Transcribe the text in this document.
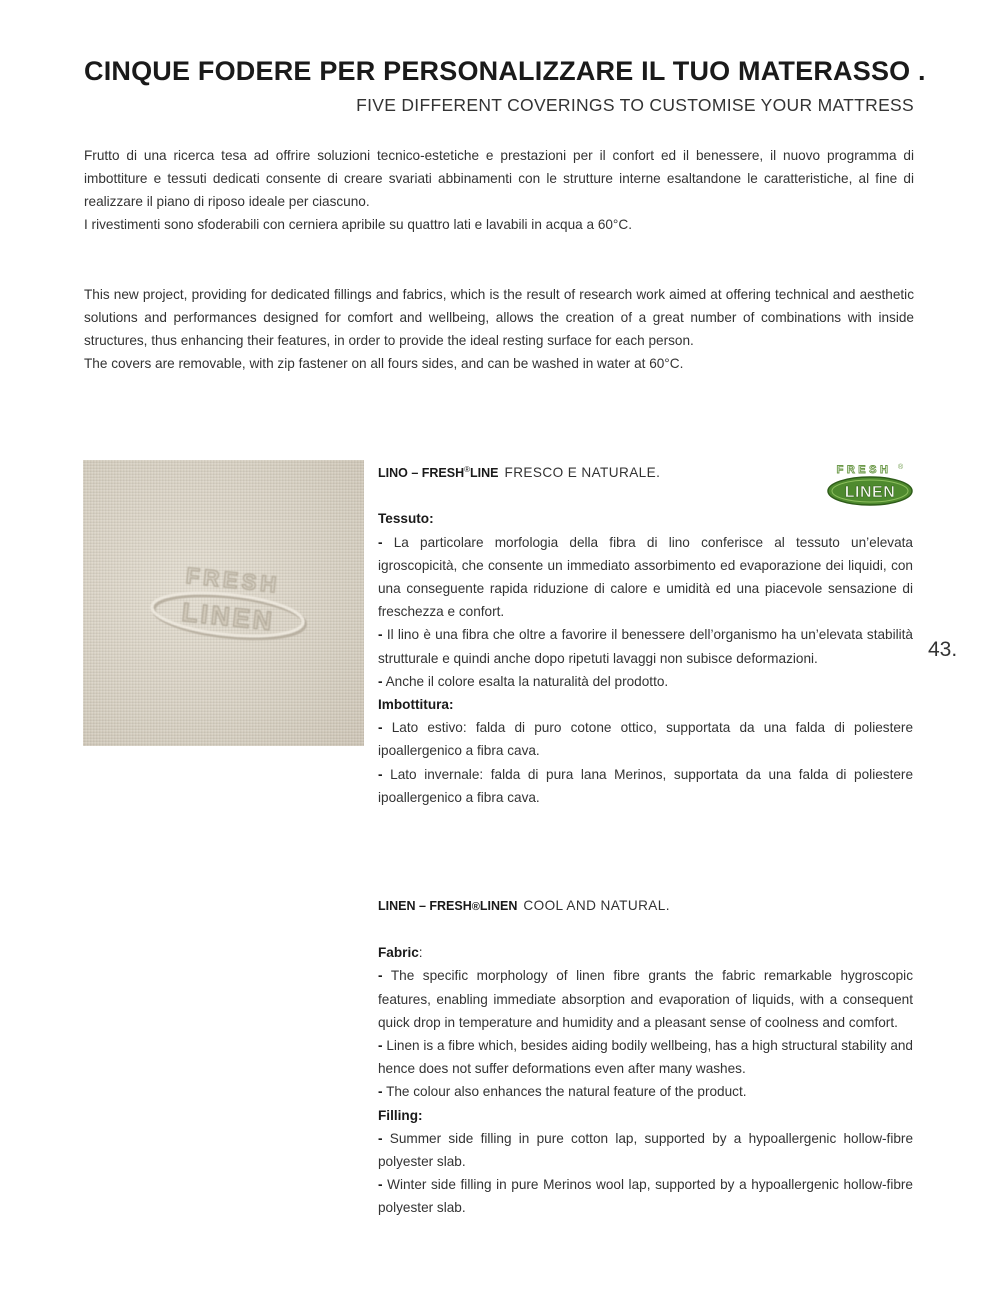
CINQUE FODERE PER PERSONALIZZARE IL TUO MATERASSO .
FIVE DIFFERENT COVERINGS TO CUSTOMISE YOUR MATTRESS

Frutto di una ricerca tesa ad offrire soluzioni tecnico-estetiche e prestazioni per il confort ed il benessere, il nuovo programma di imbottiture e tessuti dedicati consente di creare svariati abbinamenti con le strutture interne esaltandone le caratteristiche, al fine di realizzare il piano di riposo ideale per ciascuno.

I rivestimenti sono sfoderabili con cerniera apribile su quattro lati e lavabili in acqua a 60°C.

This new project, providing for dedicated fillings and fabrics, which is the result of research work aimed at offering technical and aesthetic solutions and performances designed for comfort and wellbeing, allows the creation of a great number of combinations with inside structures, thus enhancing their features, in order to provide the ideal resting surface for each person.

The covers are removable, with zip fastener on all fours sides, and can be washed in water at 60°C.

FRESH
LINEN
FRESH ®
LINEN

LINO – FRESH®LINE FRESCO E NATURALE.

Tessuto:

- La particolare morfologia della fibra di lino conferisce al tessuto un’elevata igroscopicità, che consente un immediato assorbimento ed evaporazione dei liquidi, con una conseguente rapida riduzione di calore e umidità ed una piacevole sensazione di freschezza e confort.

- Il lino è una fibra che oltre a favorire il benessere dell’organismo ha un’elevata stabilità strutturale e quindi anche dopo ripetuti lavaggi non subisce deformazioni.

- Anche il colore esalta la naturalità del prodotto.

Imbottitura:

- Lato estivo: falda di puro cotone ottico, supportata da una falda di poliestere ipoallergenico a fibra cava.

- Lato invernale: falda di pura lana Merinos, supportata da una falda di poliestere ipoallergenico a fibra cava.

43.

LINEN – FRESH®LINEN COOL AND NATURAL.

Fabric:

- The specific morphology of linen fibre grants the fabric remarkable hygroscopic features, enabling immediate absorption and evaporation of liquids, with a consequent quick drop in temperature and humidity and a pleasant sense of coolness and comfort.

- Linen is a fibre which, besides aiding bodily wellbeing, has a high structural stability and hence does not suffer deformations even after many washes.

- The colour also enhances the natural feature of the product.

Filling:

- Summer side filling in pure cotton lap, supported by a hypoallergenic hollow-fibre polyester slab.

- Winter side filling in pure Merinos wool lap, supported by a hypoallergenic hollow-fibre polyester slab.
